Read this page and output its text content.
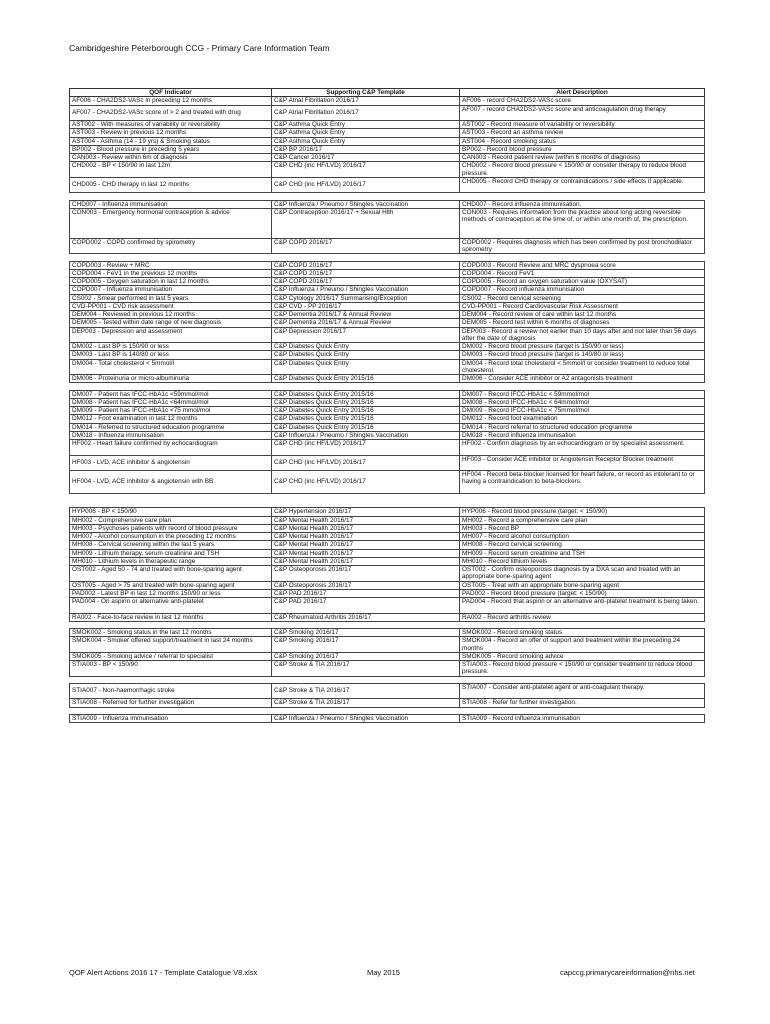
Cambridgeshire Peterborough CCG - Primary Care Information Team
QOF Indicator	Supporting C&P Template	Alert Description

AF006 - CHA2DS2-VASc in preceding 12 months	C&P Atrial Fibrillation 2016/17	AF006 - record CHA2DS2-VASc score

AF007 - CHA2DS2-VASc score of > 2 and treated with drug	C&P Atrial Fibrillation 2016/17	AF007 - record CHA2DS2-VASc score and anticoagulation drug therapy

AST002 - With measures of variability or reversibility	C&P Asthma Quick Entry	AST002 - Record measure of variability or reversibility

AST003 - Review in previous 12 months	C&P Asthma Quick Entry	AST003 - Record an asthma review

AST004 - Asthma (14 - 19 yrs) & Smoking status	C&P Asthma Quick Entry	AST004 - Record smoking status

BP002 - Blood pressure in preceding 5 years	C&P BP 2016/17	BP002 - Record blood pressure

CAN003 - Review within 6m of diagnosis	C&P Cancer 2016/17	CAN003 - Record patient review (within 6 months of diagnosis)

CHD002 - BP < 150/90 in last 12m	C&P CHD (inc HF/LVD) 2016/17	CHD002 - Record blood pressure < 150/90 or consider therapy to reduce blood pressure.

CHD005 - CHD therapy in last 12 months	C&P CHD (inc HF/LVD) 2016/17	CHD005 - Record CHD therapy or contraindications / side effects if applicable.

CHD007 - Influenza immunisation	C&P Influenza / Pneumo / Shingles Vaccination	CHD007 - Record influenza immunisation.

CON003 - Emergency hormonal contraception & advice	C&P Contraception 2016/17 + Sexual Hlth	CON003 - Requires information from the practice about long acting reversible methods of contraception at the time of, or within one month of, the prescription.

COPD002 - COPD confirmed by spirometry	C&P COPD 2016/17	COPD002 - Requires diagnosis which has been confirmed by post bronchodilator spirometry

COPD003 - Review + MRC	C&P COPD 2016/17	COPD003 - Record Review and MRC dyspnoea score

COPD004 - FeV1 in the previous 12 months	C&P COPD 2016/17	COPD004 - Record FeV1

COPD005 - Oxygen saturation in last 12 months	C&P COPD 2016/17	COPD005 - Record an oxygen saturation value (OXYSAT)

COPD007 - Influenza immunisation	C&P Influenza / Pneumo / Shingles Vaccination	COPD007 - Record influenza immunisation

CS002 - Smear performed in last 5 years	C&P Cytology 2016/17 Summarising/Exception	CS002 - Record cervical screening

CVD-PP001 - CVD risk assessment	C&P CVD - PP 2016/17	CVD-PP001 - Record Cardiovascular Risk Assessment

DEM004 - Reviewed in previous 12 months	C&P Dementia 2016/17 & Annual Review	DEM004 - Record review of care within last 12 months

DEM005 - Tested within date range of new diagnosis	C&P Dementia 2016/17 & Annual Review	DEM005 - Record test within 6 months of diagnoses

DEP003 - Depression and assessment	C&P Depression 2016/17	DEP003 - Record a review not earlier than 10 days after and not later than 56 days after the date of diagnosis

DM002 - Last BP is 150/90 or less	C&P Diabetes Quick Entry	DM002 - Record blood pressure (target is 150/90 or less)

DM003 - Last BP is 140/80 or less	C&P Diabetes Quick Entry	DM003 - Record blood pressure (target is 140/80 or less)

DM004 - Total cholesterol < 5mmol/l	C&P Diabetes Quick Entry	DM004 - Record total cholesterol < 5mmol/l or consider treatment to reduce total cholesterol.

DM006 - Proteinuria or micro-albuminuria	C&P Diabetes Quick Entry 2015/16	DM006 - Consider ACE inhibitor or A2 antagonists treatment

DM007 - Patient has IFCC-HbA1c <59mmol/mol	C&P Diabetes Quick Entry 2015/16	DM007 - Record IFCC-HbA1c < 59mmol/mol

DM008 - Patient has IFCC-HbA1c <64mmol/mol	C&P Diabetes Quick Entry 2015/16	DM008 - Record IFCC-HbA1c < 64mmol/mol

DM009 - Patient has IFCC-HbA1c <75 mmol/mol	C&P Diabetes Quick Entry 2015/16	DM009 - Record IFCC-HbA1c < 75mmol/mol

DM012 - Foot examination in last 12 months	C&P Diabetes Quick Entry 2015/16	DM012 - Record foot examination

DM014 - Referred to structured education programme	C&P Diabetes Quick Entry 2015/16	DM014 - Record referral to structured education programme

DM018 - Influenza immunisation	C&P Influenza / Pneumo / Shingles Vaccination	DM018 - Record influenza immunisation

HF002 - Heart failure confirmed by echocardiogram	C&P CHD (inc HF/LVD) 2016/17	HF002 - Confirm diagnosis by an echocardiogram or by specialist assessment.

HF003 - LVD, ACE inhibitor & angiotensin	C&P CHD (inc HF/LVD) 2016/17	HF003 - Consider ACE inhibitor or Angiotensin Receptor Blocker treatment

HF004 - LVD, ACE inhibitor & angiotensin with BB	C&P CHD (inc HF/LVD) 2016/17	HF004 - Record beta-blocker licensed for heart failure, or record as intolerant to or having a contraindication to beta-blockers.

HYP006 - BP < 150/90	C&P Hypertension 2016/17	HYP006 - Record blood pressure (target: < 150/90)

MH002 - Comprehensive care plan	C&P Mental Health 2016/17	MH002 - Record a comprehensive care plan

MH003 - Psychoses patients with record of blood pressure	C&P Mental Health 2016/17	MH003 - Record BP

MH007 - Alcohol consumption in the preceding 12 months	C&P Mental Health 2016/17	MH007 - Record alcohol consumption

MH008 - Cervical screening within the last 5 years	C&P Mental Health 2016/17	MH008 - Record cervical screening

MH009 - Lithium therapy, serum creatinine and TSH	C&P Mental Health 2016/17	MH009 - Record serum creatinine and TSH

MH010 - Lithium levels in therapeutic range	C&P Mental Health 2016/17	MH010 - Record lithium levels

OST002 - Aged 50 - 74 and treated with bone-sparing agent	C&P Osteoporosis 2016/17	OST002 - Confirm osteoporosis diagnosis by a DXA scan and treated with an appropriate bone-sparing agent

OST005 - Aged > 75 and treated with bone-sparing agent	C&P Osteoporosis 2016/17	OST005 - Treat with an appropriate bone-sparing agent

PAD002 - Latest BP in last 12 months 150/90 or less	C&P PAD 2016/17	PAD002 - Record blood pressure (target: < 150/90)

PAD004 - On aspirin or alternative anti-platelet	C&P PAD 2016/17	PAD004 - Record that aspirin or an alternative anti-platelet treatment is being taken.

RA002 - Face-to-face review in last 12 months	C&P Rheumatoid Arthritis 2016/17	RA002 - Record arthritis review

SMOK002 - Smoking status in the last 12 months	C&P Smoking 2016/17	SMOK002 - Record smoking status

SMOK004 - Smoker offered support/treatment in last 24 months	C&P Smoking 2016/17	SMOK004 - Record an offer of support and treatment within the preceding 24 months

SMOK005 - Smoking advice / referral to specialist	C&P Smoking 2016/17	SMOK005 - Record smoking advice

STIA003 - BP < 150/90	C&P Stroke & TIA 2016/17	STIA003 - Record blood pressure < 150/90 or consider treatment to reduce blood pressure.

STIA007 - Non-haemorrhagic stroke	C&P Stroke & TIA 2016/17	STIA007 - Consider anti-platelet agent or anti-coagulant therapy.

STIA008 - Referred for further investigation	C&P Stroke & TIA 2016/17	STIA008 - Refer for further investigation.

STIA009 - Influenza immunisation	C&P Influenza / Pneumo / Shingles Vaccination	STIA009 - Record influenza immunisation
QOF Alert Actions 2016 17 - Template Catalogue V8.xlsx	May 2015	capccg.primarycareinformation@nhs.net
